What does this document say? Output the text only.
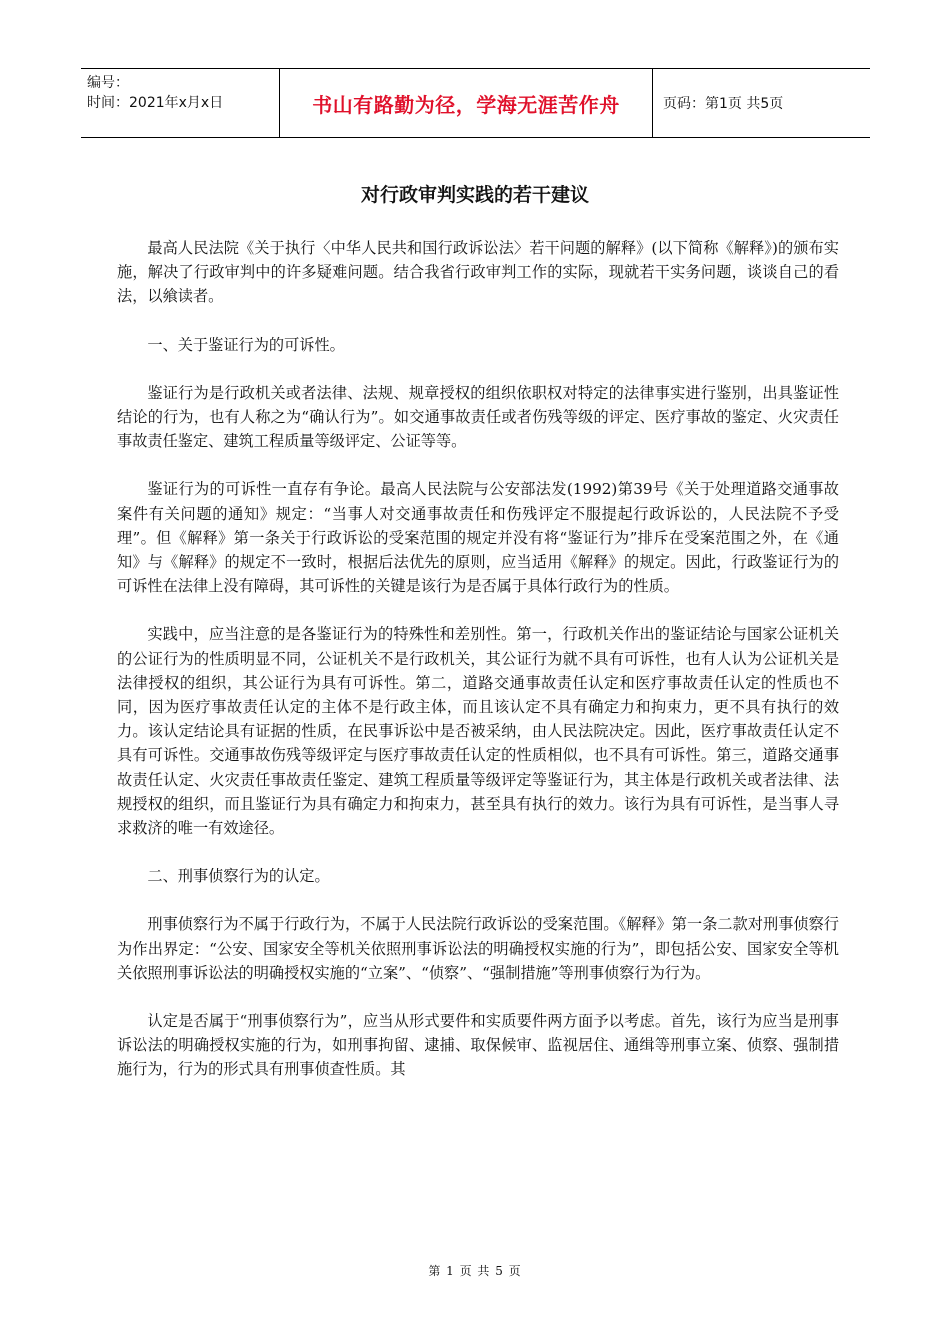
编号：
时间：2021年x月x日	书山有路勤为径，学海无涯苦作舟	页码：第1页 共5页
对行政审判实践的若干建议

最高人民法院《关于执行〈中华人民共和国行政诉讼法〉若干问题的解释》(以下简称《解释》)的颁布实施，解决了行政审判中的许多疑难问题。结合我省行政审判工作的实际，现就若干实务问题，谈谈自己的看法，以飨读者。

一、关于鉴证行为的可诉性。

鉴证行为是行政机关或者法律、法规、规章授权的组织依职权对特定的法律事实进行鉴别，出具鉴证性结论的行为，也有人称之为“确认行为”。如交通事故责任或者伤残等级的评定、医疗事故的鉴定、火灾责任事故责任鉴定、建筑工程质量等级评定、公证等等。

鉴证行为的可诉性一直存有争论。最高人民法院与公安部法发(1992)第39号《关于处理道路交通事故案件有关问题的通知》规定：“当事人对交通事故责任和伤残评定不服提起行政诉讼的，人民法院不予受理”。但《解释》第一条关于行政诉讼的受案范围的规定并没有将“鉴证行为”排斥在受案范围之外，在《通知》与《解释》的规定不一致时，根据后法优先的原则，应当适用《解释》的规定。因此，行政鉴证行为的可诉性在法律上没有障碍，其可诉性的关键是该行为是否属于具体行政行为的性质。

实践中，应当注意的是各鉴证行为的特殊性和差别性。第一，行政机关作出的鉴证结论与国家公证机关的公证行为的性质明显不同，公证机关不是行政机关，其公证行为就不具有可诉性，也有人认为公证机关是法律授权的组织，其公证行为具有可诉性。第二，道路交通事故责任认定和医疗事故责任认定的性质也不同，因为医疗事故责任认定的主体不是行政主体，而且该认定不具有确定力和拘束力，更不具有执行的效力。该认定结论具有证据的性质，在民事诉讼中是否被采纳，由人民法院决定。因此，医疗事故责任认定不具有可诉性。交通事故伤残等级评定与医疗事故责任认定的性质相似，也不具有可诉性。第三，道路交通事故责任认定、火灾责任事故责任鉴定、建筑工程质量等级评定等鉴证行为，其主体是行政机关或者法律、法规授权的组织，而且鉴证行为具有确定力和拘束力，甚至具有执行的效力。该行为具有可诉性，是当事人寻求救济的唯一有效途径。

二、刑事侦察行为的认定。

刑事侦察行为不属于行政行为，不属于人民法院行政诉讼的受案范围。《解释》第一条二款对刑事侦察行为作出界定：“公安、国家安全等机关依照刑事诉讼法的明确授权实施的行为”，即包括公安、国家安全等机关依照刑事诉讼法的明确授权实施的“立案”、“侦察”、“强制措施”等刑事侦察行为行为。

认定是否属于“刑事侦察行为”，应当从形式要件和实质要件两方面予以考虑。首先，该行为应当是刑事诉讼法的明确授权实施的行为，如刑事拘留、逮捕、取保候审、监视居住、通缉等刑事立案、侦察、强制措施行为，行为的形式具有刑事侦查性质。其

第 1 页 共 5 页
